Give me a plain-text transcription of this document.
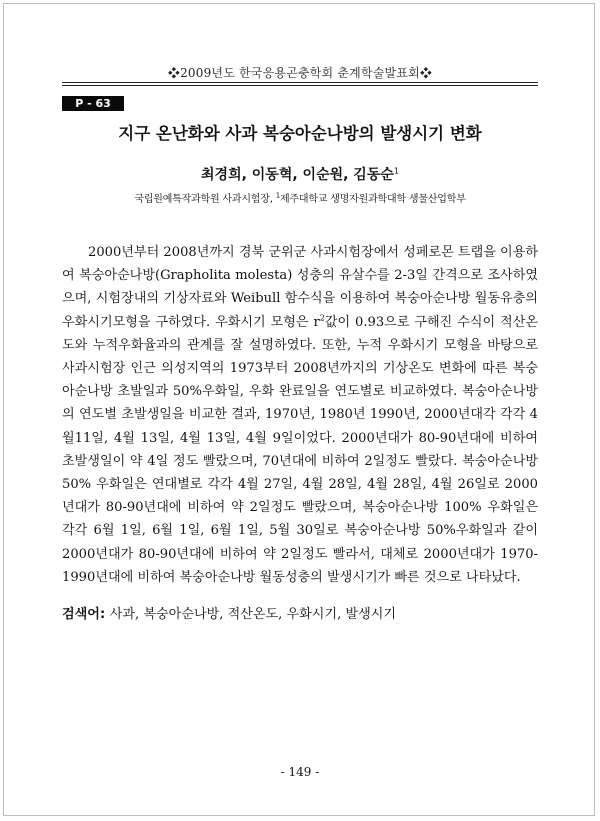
❖2009년도 한국응용곤충학회 춘계학술발표회❖
P - 63
지구 온난화와 사과 복숭아순나방의 발생시기 변화
최경희, 이동혁, 이순원, 김동순$^1$
국립원예특작과학원 사과시험장, $^1$제주대학교 생명자원과학대학 생물산업학부

2000년부터 2008년까지 경북 군위군 사과시험장에서 성페로몬 트랩을 이용하여 복숭아순나방(Grapholita molesta) 성충의 유살수를 2-3일 간격으로 조사하였으며, 시험장내의 기상자료와 Weibull 함수식을 이용하여 복숭아순나방 월동유충의 우화시기모형을 구하였다. 우화시기 모형은 $r^2$값이 0.93으로 구해진 수식이 적산온도와 누적우화율과의 관계를 잘 설명하였다. 또한, 누적 우화시기 모형을 바탕으로 사과시험장 인근 의성지역의 1973부터 2008년까지의 기상온도 변화에 따른 복숭아순나방 초발일과 50%우화일, 우화 완료일을 연도별로 비교하였다. 복숭아순나방의 연도별 초발생일을 비교한 결과, 1970년, 1980년 1990년, 2000년대각 각각 4월11일, 4월 13일, 4월 13일, 4월 9일이었다. 2000년대가 80-90년대에 비하여 초발생일이 약 4일 정도 빨랐으며, 70년대에 비하여 2일정도 빨랐다. 복숭아순나방 50% 우화일은 연대별로 각각 4월 27일, 4월 28일, 4월 28일, 4월 26일로 2000년대가 80-90년대에 비하여 약 2일정도 빨랐으며, 복숭아순나방 100% 우화일은 각각 6월 1일, 6월 1일, 6월 1일, 5월 30일로 복숭아순나방 50%우화일과 같이 2000년대가 80-90년대에 비하여 약 2일정도 빨라서, 대체로 2000년대가 1970-1990년대에 비하여 복숭아순나방 월동성충의 발생시기가 빠른 것으로 나타났다.

검색어: 사과, 복숭아순나방, 적산온도, 우화시기, 발생시기
- 149 -
